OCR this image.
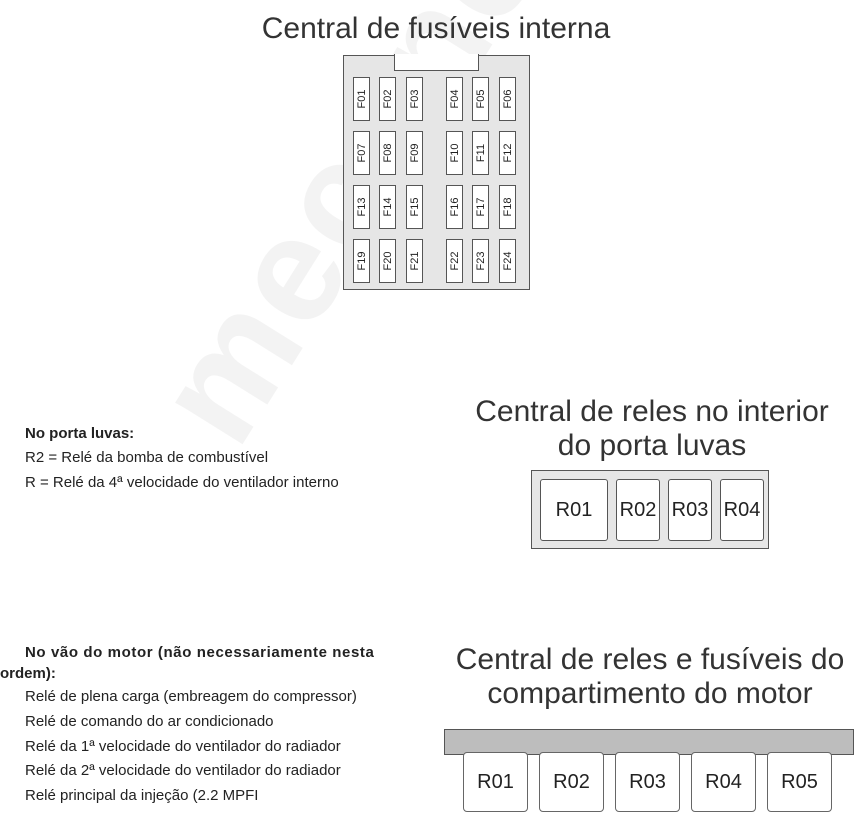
Central de fusíveis interna
F01 F02 F03	F04 F05 F06
F07 F08 F09	F10 F11 F12
F13 F14 F15	F16 F17 F18
F19 F20 F21	F22 F23 F24
Central de reles no interior
do porta luvas
R01	R02 R03 R04
No porta luvas:
R2 = Relé da bomba de combustível
R = Relé da 4ª velocidade do ventilador interno
Central de reles e fusíveis do
compartimento do motor
R01	R02	R03	R04	R05
No vão do motor (não necessariamente nesta
ordem):
Relé de plena carga (embreagem do compressor)
Relé de comando do ar condicionado
Relé da 1ª velocidade do ventilador do radiador
Relé da 2ª velocidade do ventilador do radiador
Relé principal da injeção (2.2 MPFI
